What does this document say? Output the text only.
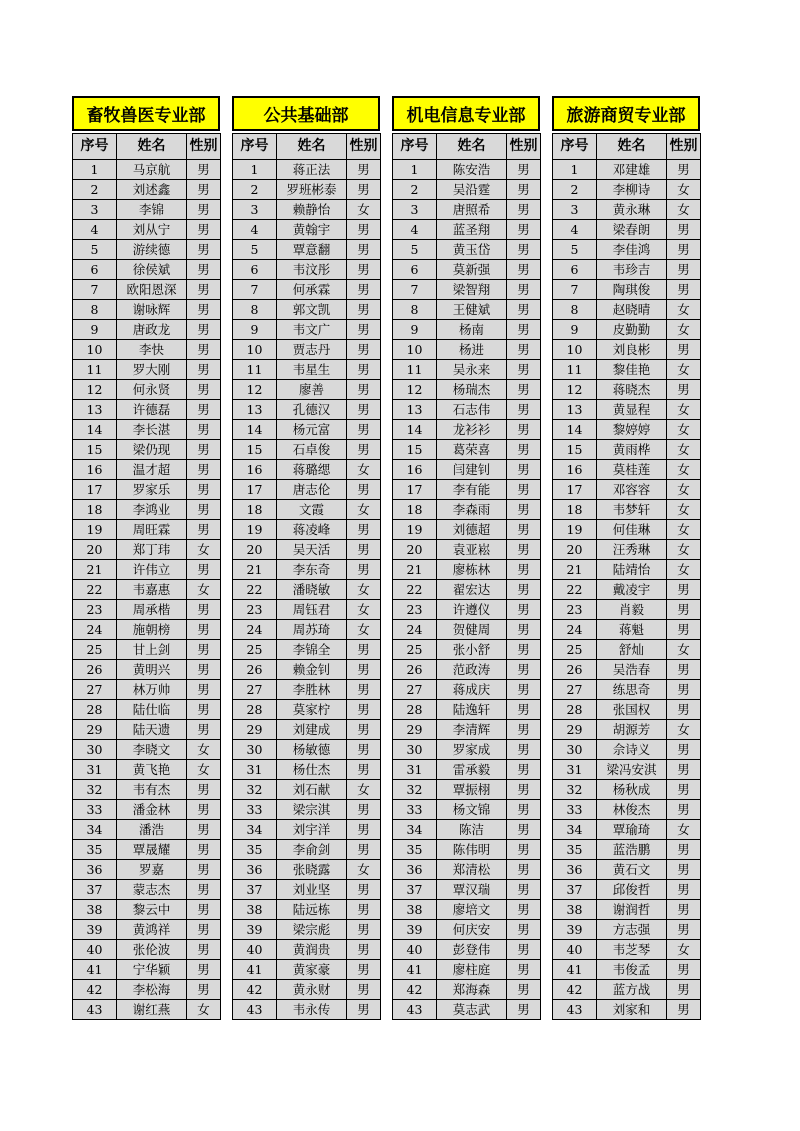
畜牧兽医专业部
序号	姓名	性别
1	马京航	男
2	刘述鑫	男
3	李锦	男
4	刘从宁	男
5	游续德	男
6	徐侯斌	男
7	欧阳恩深	男
8	谢咏辉	男
9	唐政龙	男
10	李快	男
11	罗大刚	男
12	何永贤	男
13	许德磊	男
14	李长湛	男
15	梁仍现	男
16	温才超	男
17	罗家乐	男
18	李鸿业	男
19	周旺霖	男
20	郑丁玮	女
21	许伟立	男
22	韦嘉惠	女
23	周承楷	男
24	施朝榜	男
25	甘上剑	男
26	黄明兴	男
27	林万帅	男
28	陆仕临	男
29	陆天遗	男
30	李晓文	女
31	黄飞艳	女
32	韦有杰	男
33	潘金林	男
34	潘浩	男
35	覃晟耀	男
36	罗嘉	男
37	蒙志杰	男
38	黎云中	男
39	黄鸿祥	男
40	张伦波	男
41	宁华颖	男
42	李松海	男
43	谢红燕	女
公共基础部
序号	姓名	性别
1	蒋正法	男
2	罗班彬泰	男
3	赖静怡	女
4	黄翰宇	男
5	覃意翻	男
6	韦汶彤	男
7	何承霖	男
8	郭文凯	男
9	韦文广	男
10	贾志丹	男
11	韦星生	男
12	廖善	男
13	孔德汉	男
14	杨元富	男
15	石卓俊	男
16	蒋璐缌	女
17	唐志伦	男
18	文霞	女
19	蒋凌峰	男
20	吴天活	男
21	李东奇	男
22	潘晓敏	女
23	周钰君	女
24	周苏琦	女
25	李锦全	男
26	赖金钊	男
27	李胜林	男
28	莫家柠	男
29	刘建成	男
30	杨敏德	男
31	杨仕杰	男
32	刘石献	女
33	梁宗淇	男
34	刘宇洋	男
35	李俞剑	男
36	张晓露	女
37	刘业坚	男
38	陆远栋	男
39	梁宗彪	男
40	黄润贵	男
41	黄家豪	男
42	黄永财	男
43	韦永传	男
机电信息专业部
序号	姓名	性别
1	陈安浩	男
2	吴沿霆	男
3	唐照希	男
4	蓝圣翔	男
5	黄玉岱	男
6	莫新强	男
7	梁智翔	男
8	王健斌	男
9	杨南	男
10	杨进	男
11	吴永来	男
12	杨瑞杰	男
13	石志伟	男
14	龙衫衫	男
15	葛荣喜	男
16	闫建钊	男
17	李有能	男
18	李森雨	男
19	刘德超	男
20	袁亚崧	男
21	廖栋林	男
22	翟宏达	男
23	许遵仪	男
24	贺健周	男
25	张小舒	男
26	范政涛	男
27	蒋成庆	男
28	陆逸轩	男
29	李清辉	男
30	罗家成	男
31	雷承毅	男
32	覃振栩	男
33	杨文锦	男
34	陈洁	男
35	陈伟明	男
36	郑清松	男
37	覃汉瑞	男
38	廖培文	男
39	何庆安	男
40	彭登伟	男
41	廖柱庭	男
42	郑海森	男
43	莫志武	男
旅游商贸专业部
序号	姓名	性别
1	邓建雄	男
2	李柳诗	女
3	黄永琳	女
4	梁春朗	男
5	李佳鸿	男
6	韦珍吉	男
7	陶琪俊	男
8	赵晓晴	女
9	皮勤勤	女
10	刘良彬	男
11	黎佳艳	女
12	蒋晓杰	男
13	黄显程	女
14	黎婷婷	女
15	黄雨桦	女
16	莫桂莲	女
17	邓容容	女
18	韦梦轩	女
19	何佳琳	女
20	汪秀琳	女
21	陆靖怡	女
22	戴凌宇	男
23	肖毅	男
24	蒋魁	男
25	舒灿	女
26	吴浩春	男
27	练思奇	男
28	张国权	男
29	胡源芳	女
30	佘诗义	男
31	梁冯安淇	男
32	杨秋成	男
33	林俊杰	男
34	覃瑜琦	女
35	蓝浩鹏	男
36	黄石文	男
37	邱俊哲	男
38	谢润哲	男
39	方志强	男
40	韦芝琴	女
41	韦俊孟	男
42	蓝方战	男
43	刘家和	男
